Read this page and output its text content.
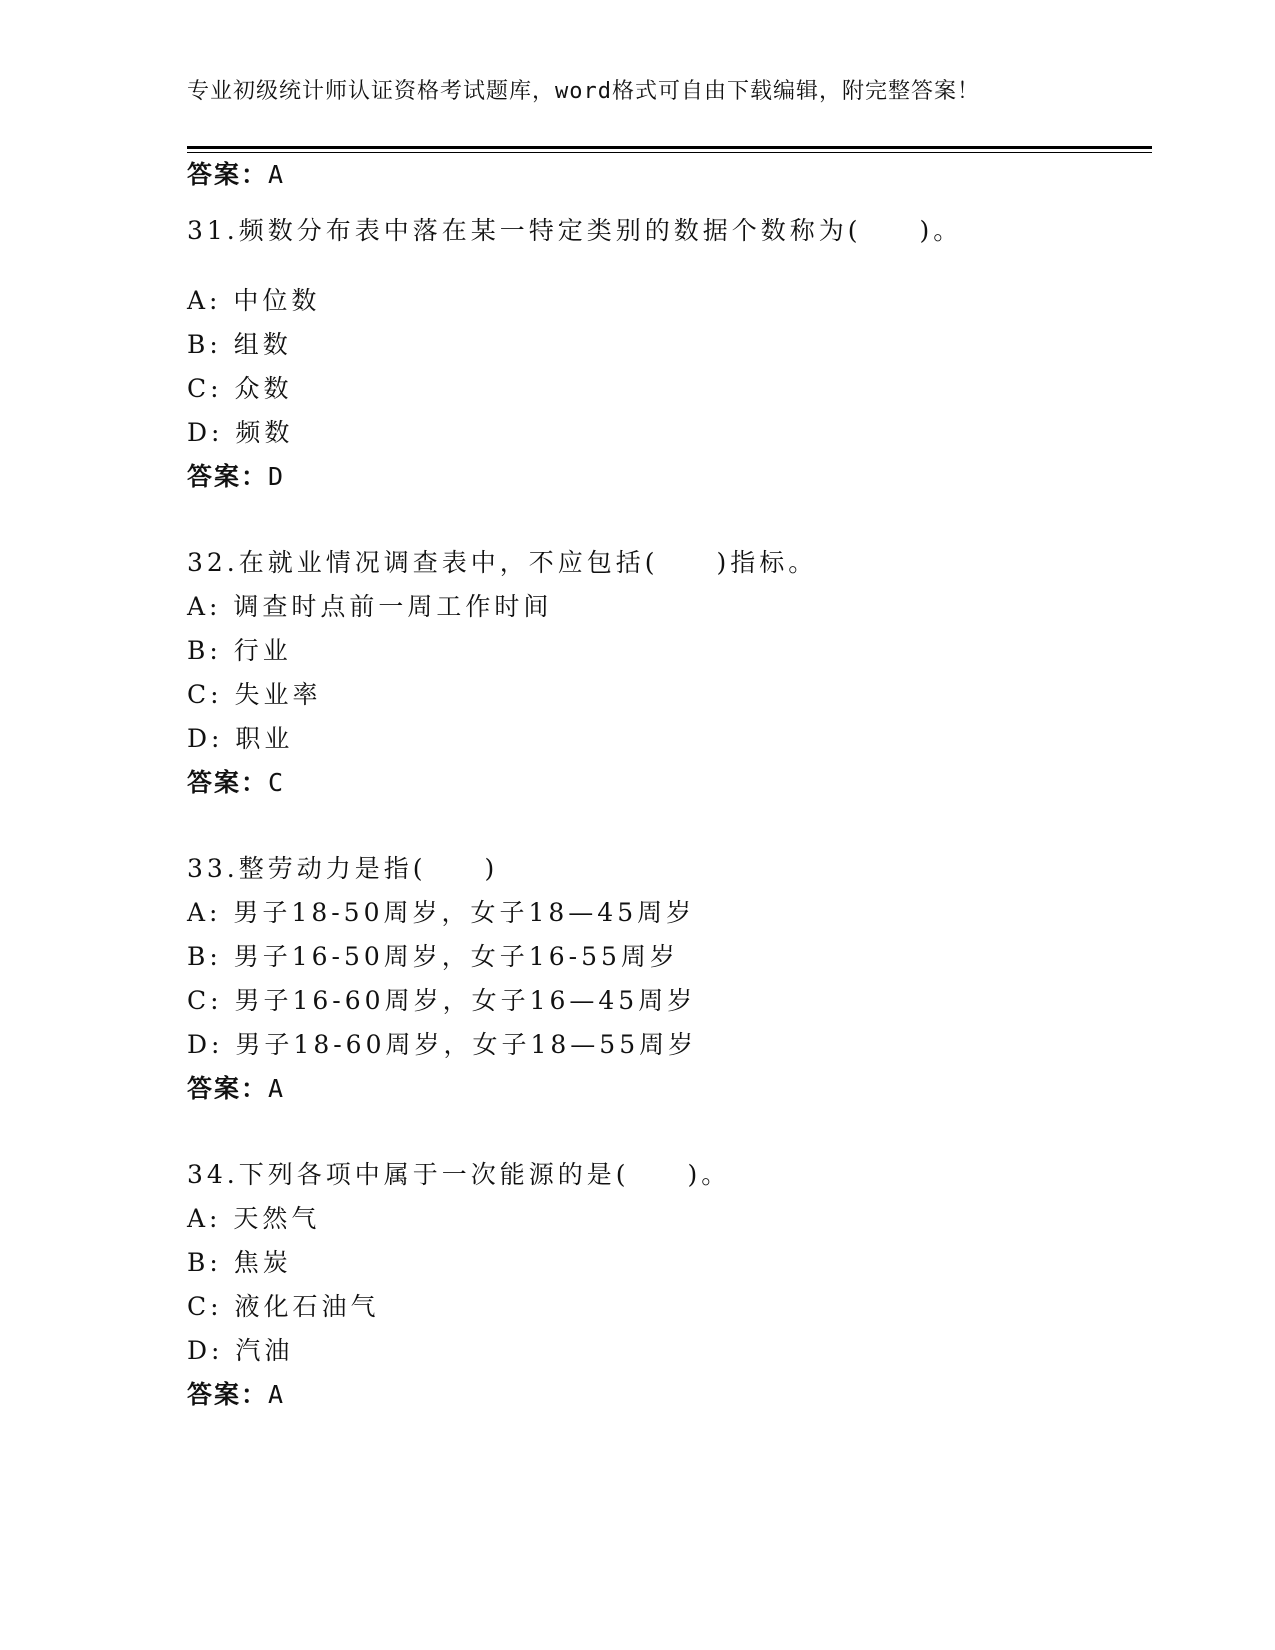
专业初级统计师认证资格考试题库，word格式可自由下载编辑，附完整答案！
答案：A
31.频数分布表中落在某一特定类别的数据个数称为(　　)。
A: 中位数
B: 组数
C: 众数
D: 频数
答案：D
32.在就业情况调查表中，不应包括(　　)指标。
A: 调查时点前一周工作时间
B: 行业
C: 失业率
D: 职业
答案：C
33.整劳动力是指(　　)
A: 男子18-50周岁，女子18—45周岁
B: 男子16-50周岁，女子16-55周岁
C: 男子16-60周岁，女子16—45周岁
D: 男子18-60周岁，女子18—55周岁
答案：A
34.下列各项中属于一次能源的是(　　)。
A: 天然气
B: 焦炭
C: 液化石油气
D: 汽油
答案：A
